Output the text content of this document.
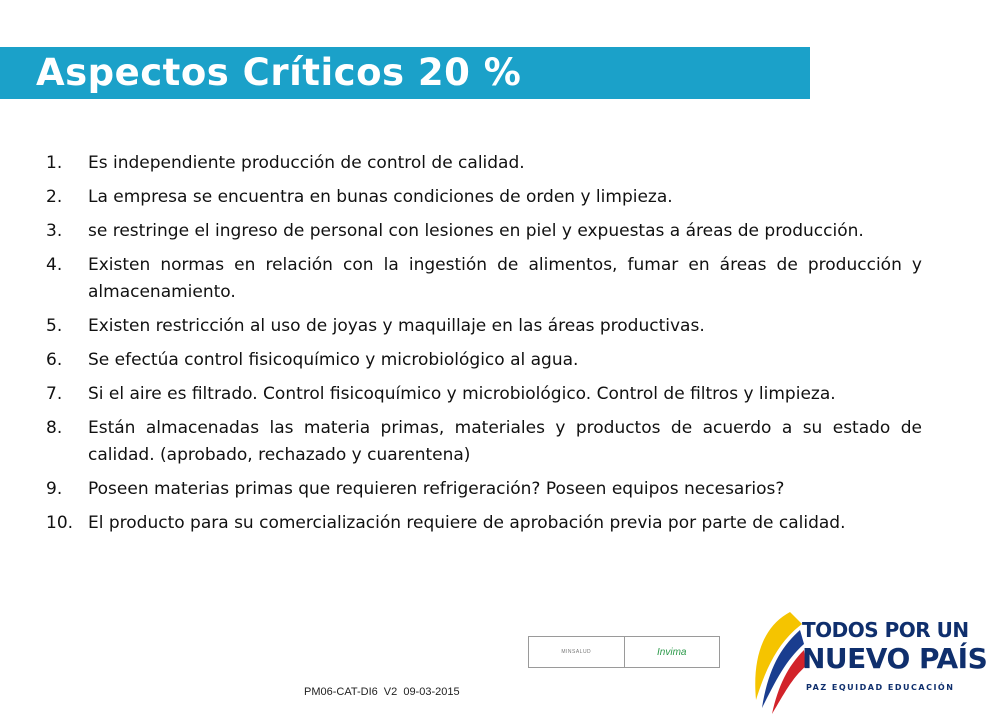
Aspectos Críticos 20 %
1.	Es independiente producción de control de calidad.
2.	La empresa se encuentra en bunas condiciones de orden y limpieza.
3.	se restringe el ingreso de personal con lesiones en piel y expuestas a áreas de producción.
4.	Existen normas en relación con la ingestión de alimentos, fumar en áreas de producción y almacenamiento.
5.	Existen restricción al uso de joyas y maquillaje en las áreas productivas.
6.	Se efectúa control fisicoquímico y microbiológico al agua.
7.	Si el aire es filtrado. Control fisicoquímico y microbiológico. Control de filtros y limpieza.
8.	Están almacenadas las materia primas, materiales y productos de acuerdo a su estado de calidad. (aprobado, rechazado y cuarentena)
9.	Poseen materias primas que requieren refrigeración? Poseen equipos necesarios?
10. El producto para su comercialización requiere de aprobación previa por parte de calidad.
MINSALUD	Invima
PM06-CAT-DI6 V2 09-03-2015
TODOS POR UN
NUEVO PAÍS
PAZ EQUIDAD EDUCACIÓN
